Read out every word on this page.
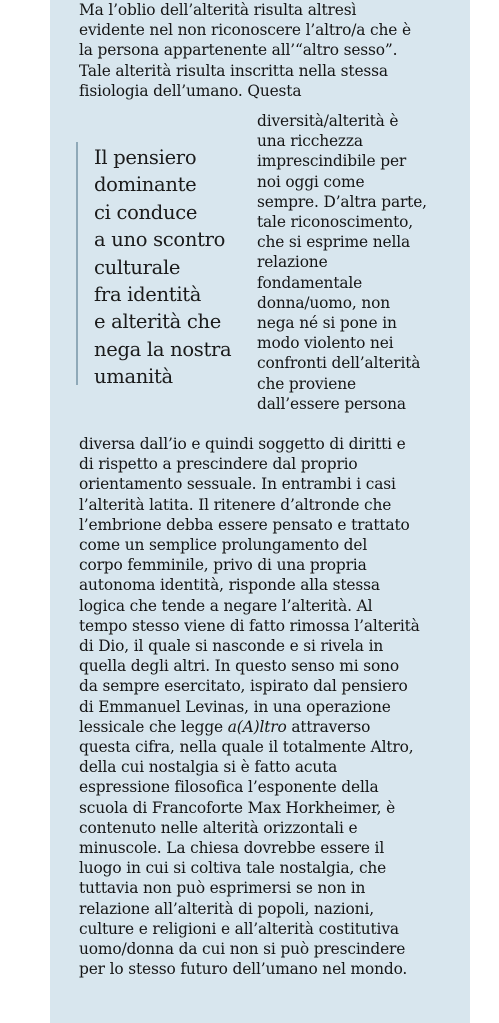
Ma l’oblio dell’alterità risulta altresì
evidente nel non riconoscere l’altro/a che è
la persona appartenente all’“altro sesso”.
Tale alterità risulta inscritta nella stessa
fisiologia dell’umano. Questa
diversità/alterità è
una ricchezza
imprescindibile per
noi oggi come
sempre. D’altra parte,
tale riconoscimento,
che si esprime nella
relazione
fondamentale
donna/uomo, non
nega né si pone in
modo violento nei
confronti dell’alterità
che proviene
dall’essere persona
diversa dall’io e quindi soggetto di diritti e
di rispetto a prescindere dal proprio
orientamento sessuale. In entrambi i casi
l’alterità latita. Il ritenere d’altronde che
l’embrione debba essere pensato e trattato
come un semplice prolungamento del
corpo femminile, privo di una propria
autonoma identità, risponde alla stessa
logica che tende a negare l’alterità. Al
tempo stesso viene di fatto rimossa l’alterità
di Dio, il quale si nasconde e si rivela in
quella degli altri. In questo senso mi sono
da sempre esercitato, ispirato dal pensiero
di Emmanuel Levinas, in una operazione
lessicale che legge a(A)ltro attraverso
questa cifra, nella quale il totalmente Altro,
della cui nostalgia si è fatto acuta
espressione filosofica l’esponente della
scuola di Francoforte Max Horkheimer, è
contenuto nelle alterità orizzontali e
minuscole. La chiesa dovrebbe essere il
luogo in cui si coltiva tale nostalgia, che
tuttavia non può esprimersi se non in
relazione all’alterità di popoli, nazioni,
culture e religioni e all’alterità costitutiva
uomo/donna da cui non si può prescindere
per lo stesso futuro dell’umano nel mondo.
Il pensiero
dominante
ci conduce
a uno scontro
culturale
fra identità
e alterità che
nega la nostra
umanità
